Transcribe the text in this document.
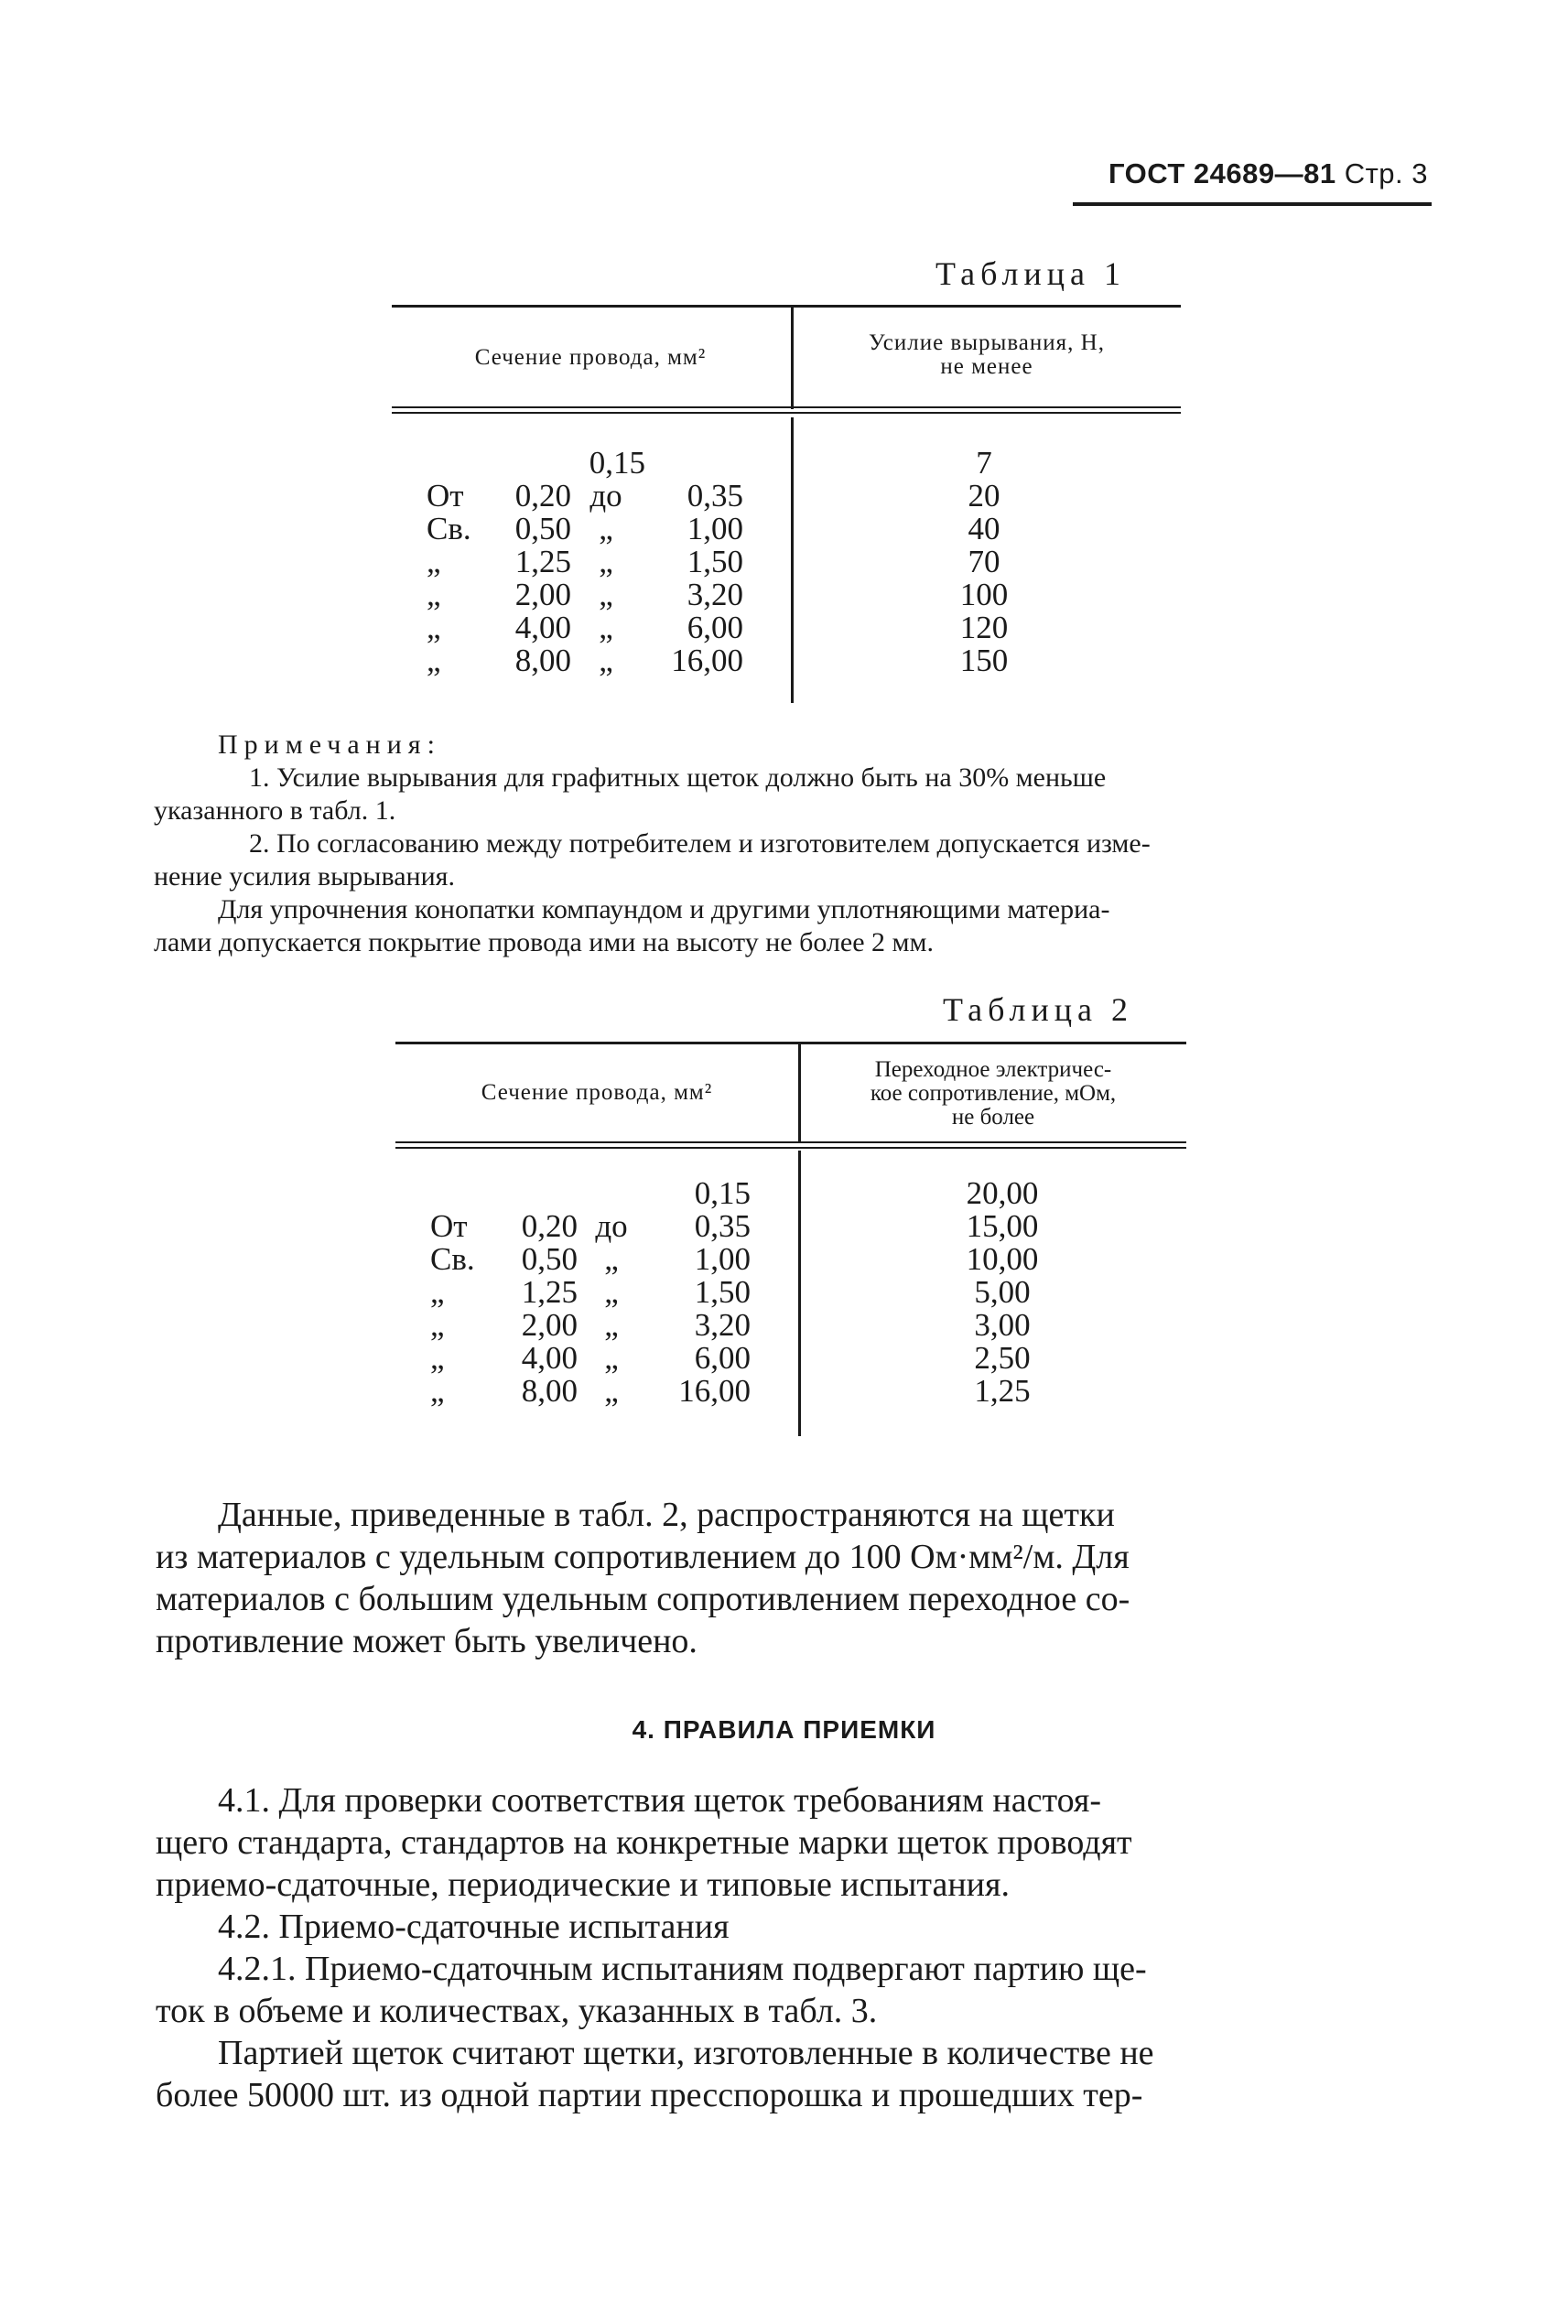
ГОСТ 24689—81 Стр. 3
Таблица 1
Сечение провода, мм²
Усилие вырывания, Н,
не менее
0,15	7
От	0,20 до	0,35	20
Св.	0,50 „	1,00	40
„	1,25 „	1,50	70
„	2,00 „	3,20	100
„	4,00 „	6,00	120
„	8,00 „	16,00	150
Примечания:
1. Усилие вырывания для графитных щеток должно быть на 30% меньше
указанного в табл. 1.
2. По согласованию между потребителем и изготовителем допускается изме-
нение усилия вырывания.
Для упрочнения конопатки компаундом и другими уплотняющими материа-
лами допускается покрытие провода ими на высоту не более 2 мм.
Таблица 2
Сечение провода, мм²
Переходное электричес-
кое сопротивление, мОм,
не более
0,15	20,00
От	0,20 до	0,35	15,00
Св.	0,50 „	1,00	10,00
„	1,25 „	1,50	5,00
„	2,00 „	3,20	3,00
„	4,00 „	6,00	2,50
„	8,00 „	16,00	1,25
Данные, приведенные в табл. 2, распространяются на щетки
из материалов с удельным сопротивлением до 100 Ом·мм²/м. Для
материалов с большим удельным сопротивлением переходное со-
противление может быть увеличено.
4. ПРАВИЛА ПРИЕМКИ
4.1. Для проверки соответствия щеток требованиям настоя-
щего стандарта, стандартов на конкретные марки щеток проводят
приемо-сдаточные, периодические и типовые испытания.
4.2. Приемо-сдаточные испытания
4.2.1. Приемо-сдаточным испытаниям подвергают партию ще-
ток в объеме и количествах, указанных в табл. 3.
Партией щеток считают щетки, изготовленные в количестве не
более 50000 шт. из одной партии пресспорошка и прошедших тер-
